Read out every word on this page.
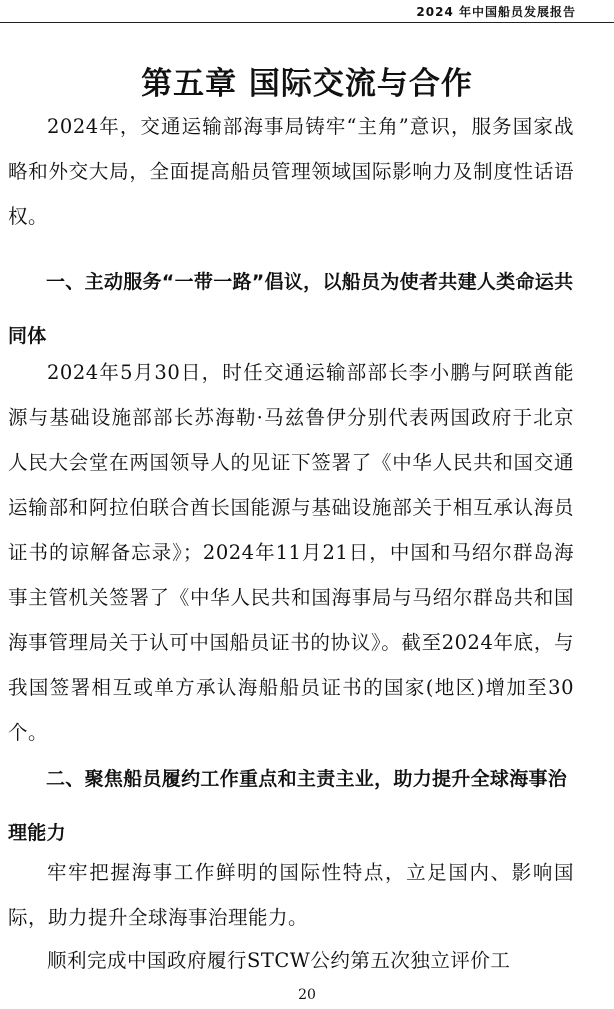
2024 年中国船员发展报告
第五章 国际交流与合作

2024年，交通运输部海事局铸牢“主角”意识，服务国家战略和外交大局，全面提高船员管理领域国际影响力及制度性话语权。

一、主动服务“一带一路”倡议，以船员为使者共建人类命运共同体

2024年5月30日，时任交通运输部部长李小鹏与阿联酋能源与基础设施部部长苏海勒·马兹鲁伊分别代表两国政府于北京人民大会堂在两国领导人的见证下签署了《中华人民共和国交通运输部和阿拉伯联合酋长国能源与基础设施部关于相互承认海员证书的谅解备忘录》；2024年11月21日，中国和马绍尔群岛海事主管机关签署了《中华人民共和国海事局与马绍尔群岛共和国海事管理局关于认可中国船员证书的协议》。截至2024年底，与我国签署相互或单方承认海船船员证书的国家(地区)增加至30个。

二、聚焦船员履约工作重点和主责主业，助力提升全球海事治理能力

牢牢把握海事工作鲜明的国际性特点，立足国内、影响国际，助力提升全球海事治理能力。

顺利完成中国政府履行STCW公约第五次独立评价工

20
